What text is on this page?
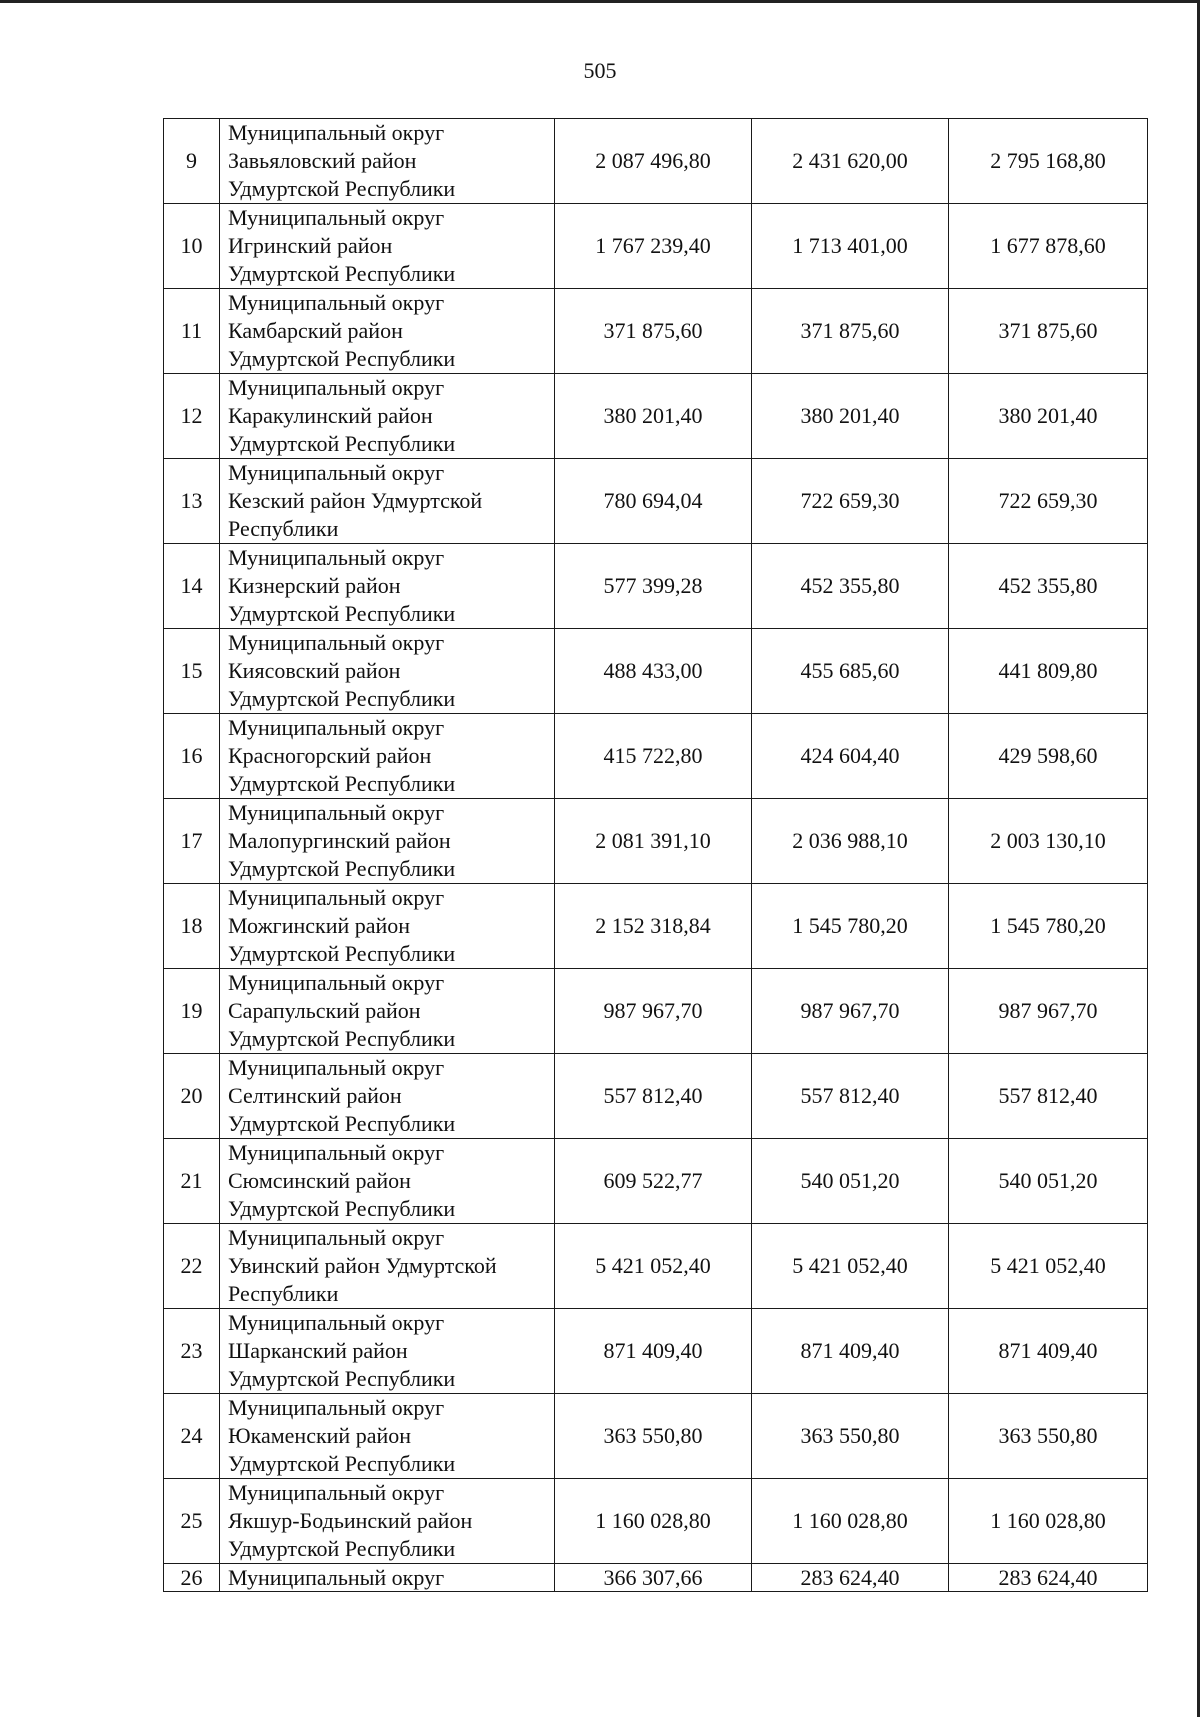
505
9	Муниципальный округ
Завьяловский район
Удмуртской Республики	2 087 496,80	2 431 620,00	2 795 168,80
10	Муниципальный округ
Игринский район
Удмуртской Республики	1 767 239,40	1 713 401,00	1 677 878,60
11	Муниципальный округ
Камбарский район
Удмуртской Республики	371 875,60	371 875,60	371 875,60
12	Муниципальный округ
Каракулинский район
Удмуртской Республики	380 201,40	380 201,40	380 201,40
13	Муниципальный округ
Кезский район Удмуртской
Республики	780 694,04	722 659,30	722 659,30
14	Муниципальный округ
Кизнерский район
Удмуртской Республики	577 399,28	452 355,80	452 355,80
15	Муниципальный округ
Киясовский район
Удмуртской Республики	488 433,00	455 685,60	441 809,80
16	Муниципальный округ
Красногорский район
Удмуртской Республики	415 722,80	424 604,40	429 598,60
17	Муниципальный округ
Малопургинский район
Удмуртской Республики	2 081 391,10	2 036 988,10	2 003 130,10
18	Муниципальный округ
Можгинский район
Удмуртской Республики	2 152 318,84	1 545 780,20	1 545 780,20
19	Муниципальный округ
Сарапульский район
Удмуртской Республики	987 967,70	987 967,70	987 967,70
20	Муниципальный округ
Селтинский район
Удмуртской Республики	557 812,40	557 812,40	557 812,40
21	Муниципальный округ
Сюмсинский район
Удмуртской Республики	609 522,77	540 051,20	540 051,20
22	Муниципальный округ
Увинский район Удмуртской
Республики	5 421 052,40	5 421 052,40	5 421 052,40
23	Муниципальный округ
Шарканский район
Удмуртской Республики	871 409,40	871 409,40	871 409,40
24	Муниципальный округ
Юкаменский район
Удмуртской Республики	363 550,80	363 550,80	363 550,80
25	Муниципальный округ
Якшур-Бодьинский район
Удмуртской Республики	1 160 028,80	1 160 028,80	1 160 028,80
26	Муниципальный округ	366 307,66	283 624,40	283 624,40
